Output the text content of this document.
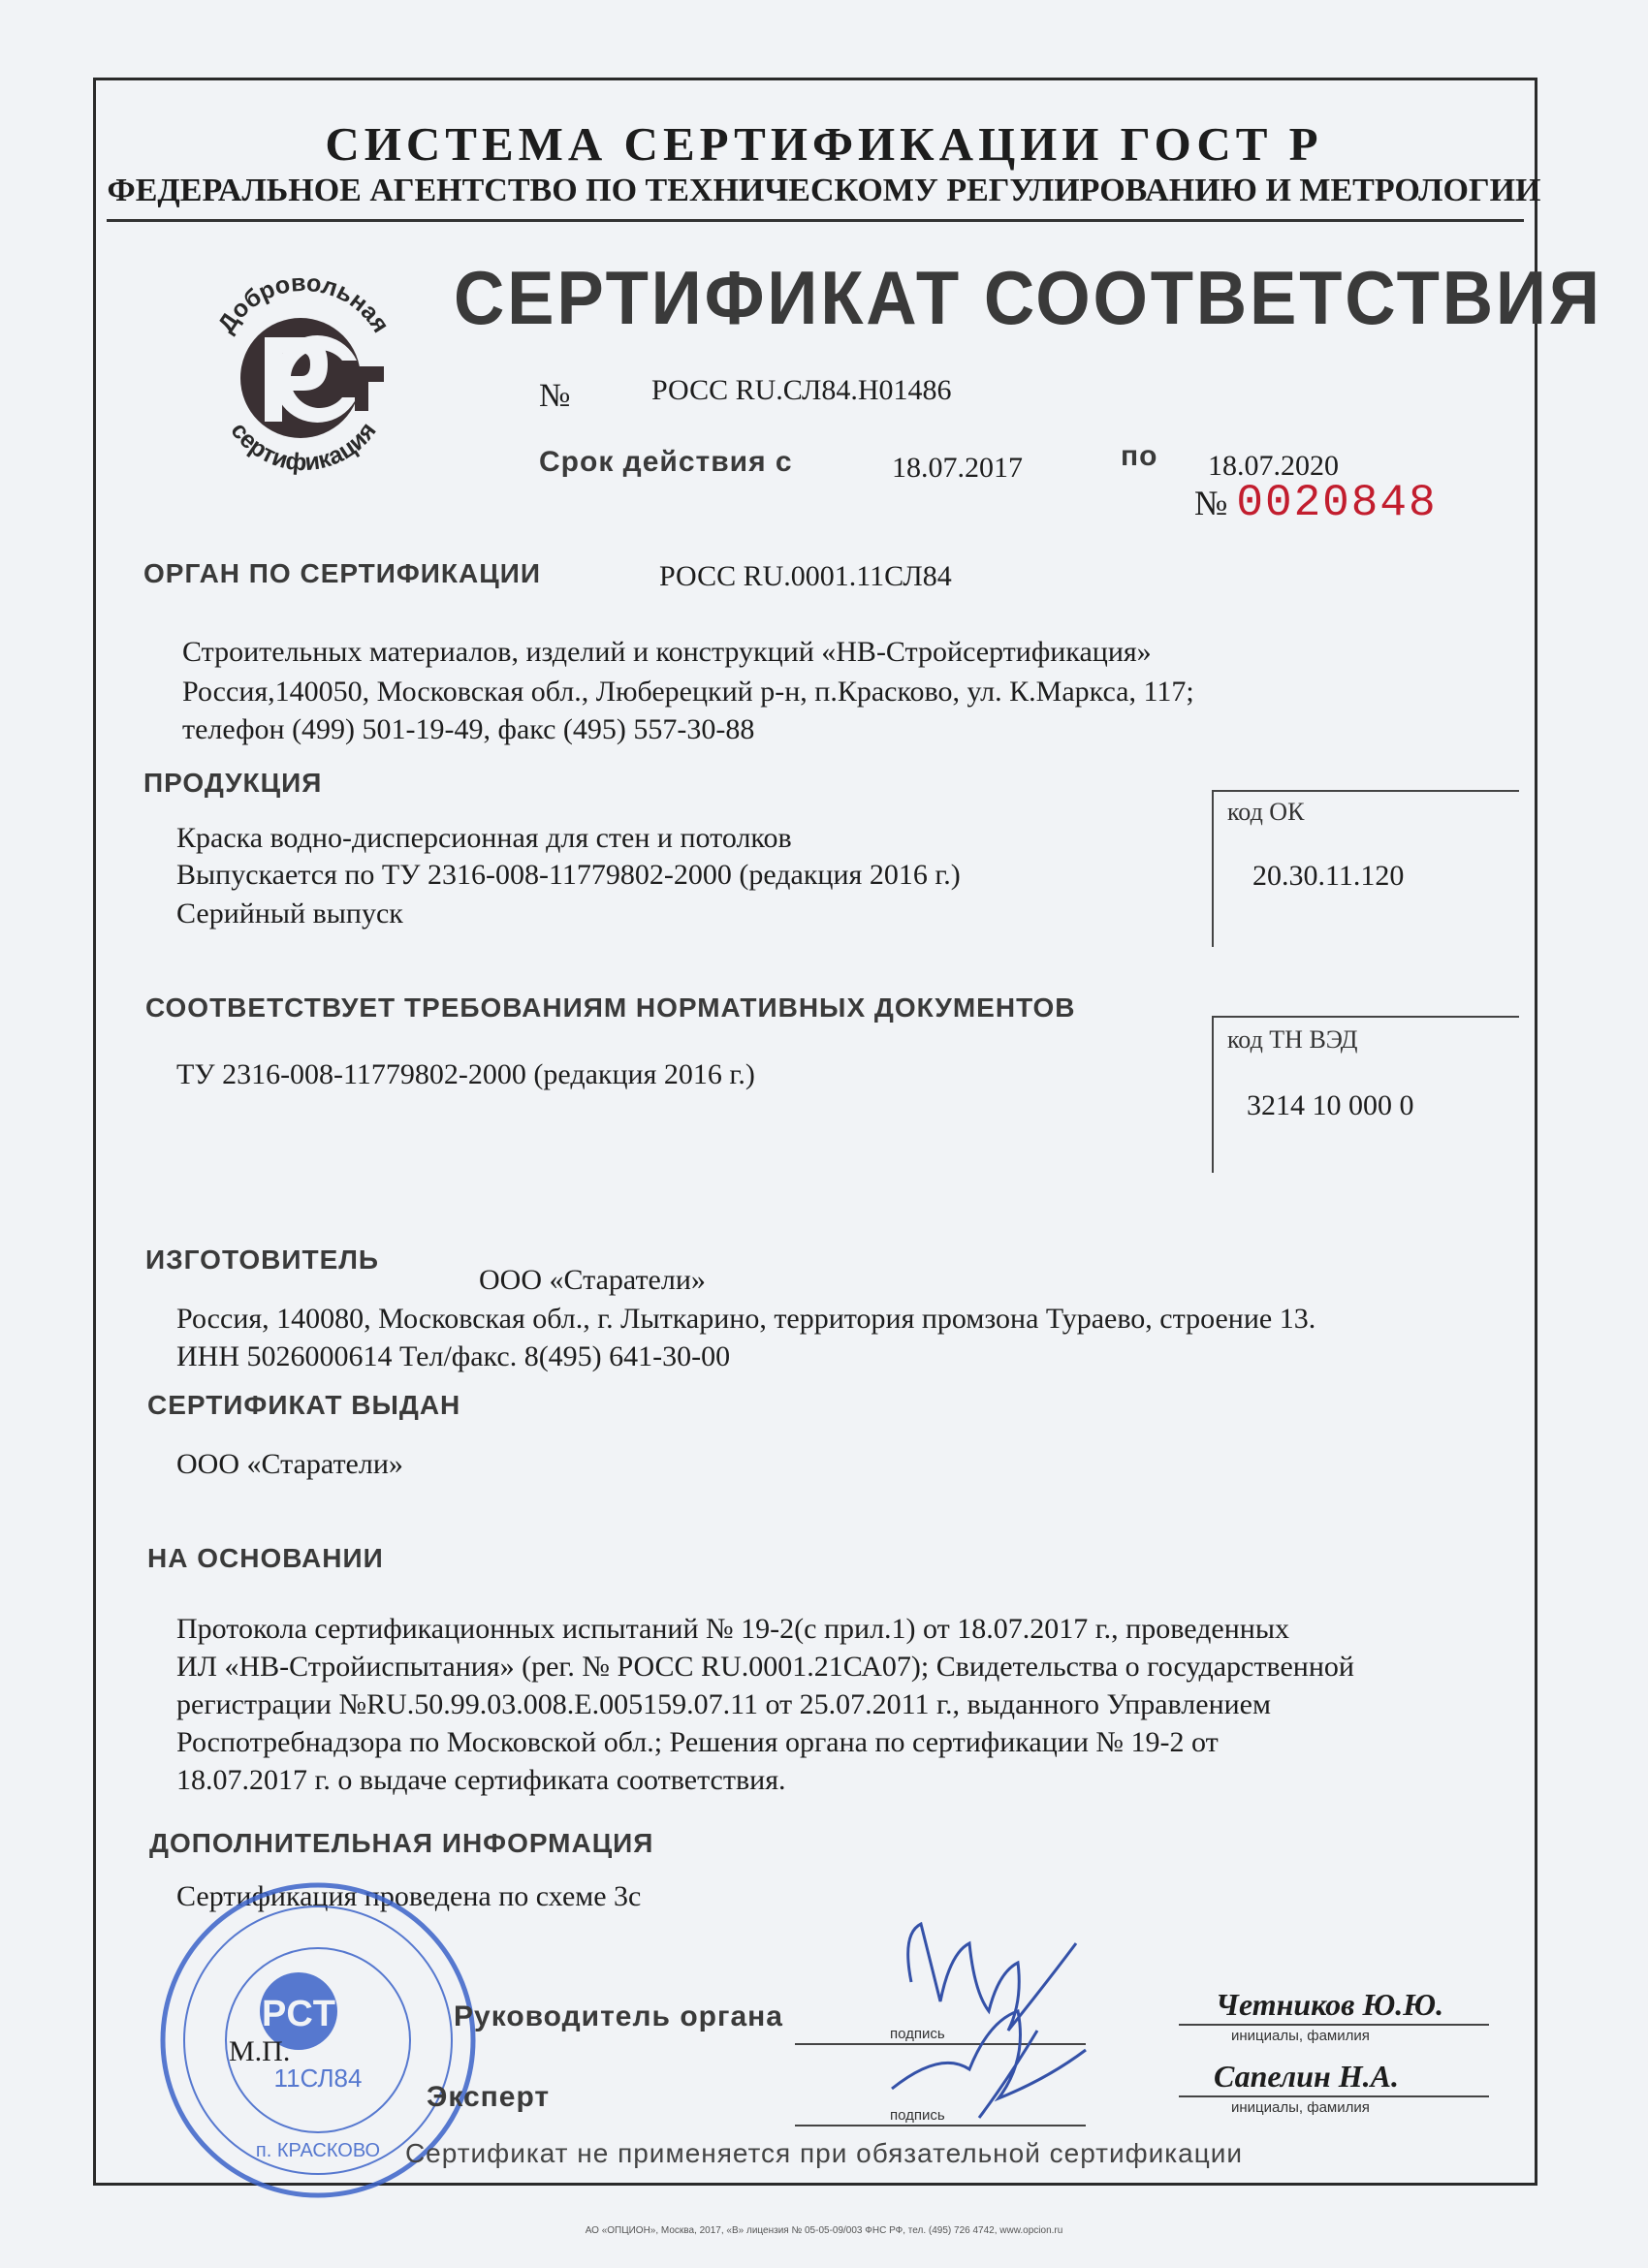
СИСТЕМА СЕРТИФИКАЦИИ ГОСТ Р
ФЕДЕРАЛЬНОЕ АГЕНТСТВО ПО ТЕХНИЧЕСКОМУ РЕГУЛИРОВАНИЮ И МЕТРОЛОГИИ
Добровольная
сертификация
СЕРТИФИКАТ СООТВЕТСТВИЯ
№	РОСС RU.СЛ84.Н01486
Срок действия с	18.07.2017	по 18.07.2020
№ 0020848
ОРГАН ПО СЕРТИФИКАЦИИ	РОСС RU.0001.11СЛ84
Строительных материалов, изделий и конструкций «НВ-Стройсертификация»
Россия,140050, Московская обл., Люберецкий р-н, п.Красково, ул. К.Маркса, 117;
телефон (499) 501-19-49, факс (495) 557-30-88
ПРОДУКЦИЯ
Краска водно-дисперсионная для стен и потолков
Выпускается по ТУ 2316-008-11779802-2000 (редакция 2016 г.)
Серийный выпуск
код ОК
20.30.11.120
СООТВЕТСТВУЕТ ТРЕБОВАНИЯМ НОРМАТИВНЫХ ДОКУМЕНТОВ
ТУ 2316-008-11779802-2000 (редакция 2016 г.)
код ТН ВЭД
3214 10 000 0
ИЗГОТОВИТЕЛЬ
ООО «Старатели»
Россия, 140080, Московская обл., г. Лыткарино, территория промзона Тураево, строение 13.
ИНН 5026000614 Тел/факс. 8(495) 641-30-00
СЕРТИФИКАТ ВЫДАН
ООО «Старатели»
НА ОСНОВАНИИ
Протокола сертификационных испытаний № 19-2(с прил.1) от 18.07.2017 г., проведенных
ИЛ «НВ-Стройиспытания» (рег. № РОСС RU.0001.21СА07); Свидетельства о государственной
регистрации №RU.50.99.03.008.Е.005159.07.11 от 25.07.2011 г., выданного Управлением
Роспотребнадзора по Московской обл.; Решения органа по сертификации № 19-2 от
18.07.2017 г. о выдаче сертификата соответствия.
ДОПОЛНИТЕЛЬНАЯ ИНФОРМАЦИЯ
Сертификация проведена по схеме 3с
PCT
11СЛ84
п. КРАСКОВО
М.П.
Руководитель органа
Эксперт
подпись
подпись
Четников Ю.Ю.
инициалы, фамилия
Сапелин Н.А.
инициалы, фамилия
Сертификат не применяется при обязательной сертификации
АО «ОПЦИОН», Москва, 2017, «В» лицензия № 05-05-09/003 ФНС РФ, тел. (495) 726 4742, www.opcion.ru
